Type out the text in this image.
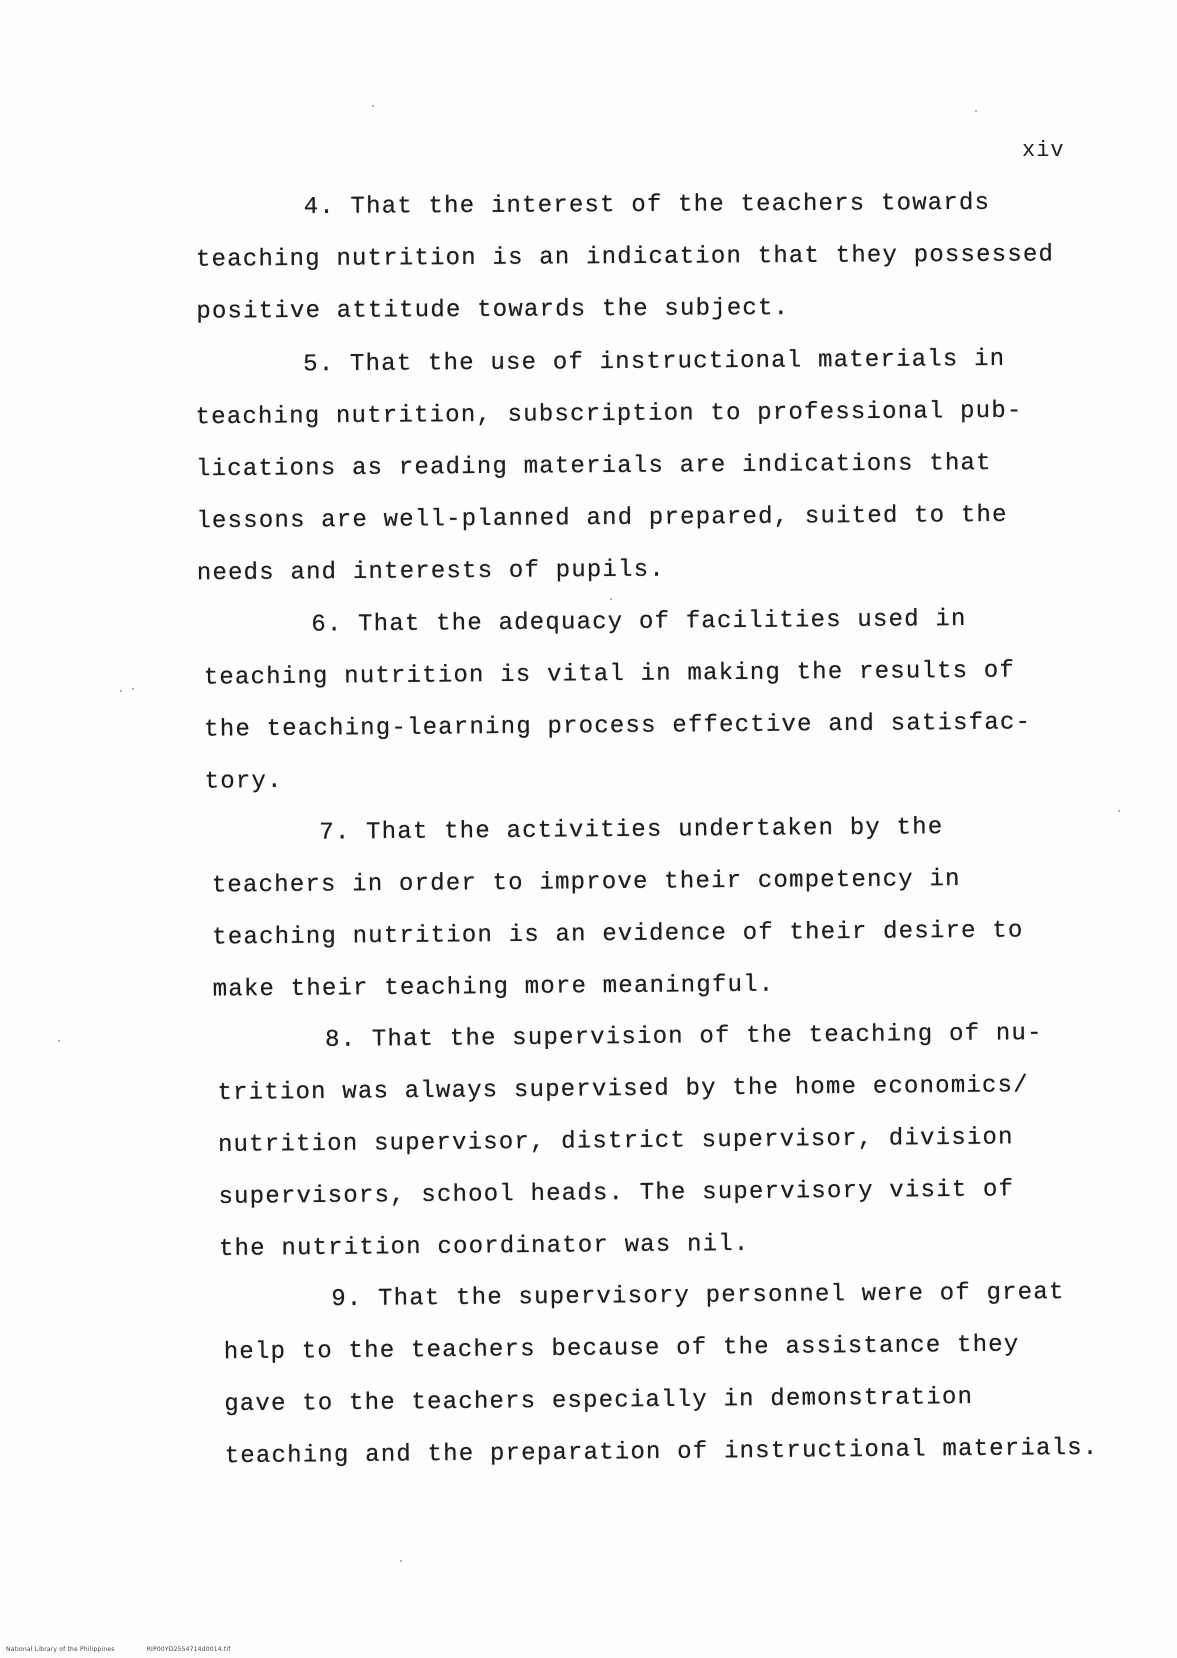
xiv
4. That the interest of the teachers towards
teaching nutrition is an indication that they possessed
positive attitude towards the subject.
5. That the use of instructional materials in
teaching nutrition, subscription to professional pub-
lications as reading materials are indications that
lessons are well-planned and prepared, suited to the
needs and interests of pupils.
6. That the adequacy of facilities used in
teaching nutrition is vital in making the results of
the teaching-learning process effective and satisfac-
tory.
7. That the activities undertaken by the
teachers in order to improve their competency in
teaching nutrition is an evidence of their desire to
make their teaching more meaningful.
8. That the supervision of the teaching of nu-
trition was always supervised by the home economics/
nutrition supervisor, district supervisor, division
supervisors, school heads. The supervisory visit of
the nutrition coordinator was nil.
9. That the supervisory personnel were of great
help to the teachers because of the assistance they
gave to the teachers especially in demonstration
teaching and the preparation of instructional materials.
National Library of the Philippines	RIP00YD2554714d0014.tif
